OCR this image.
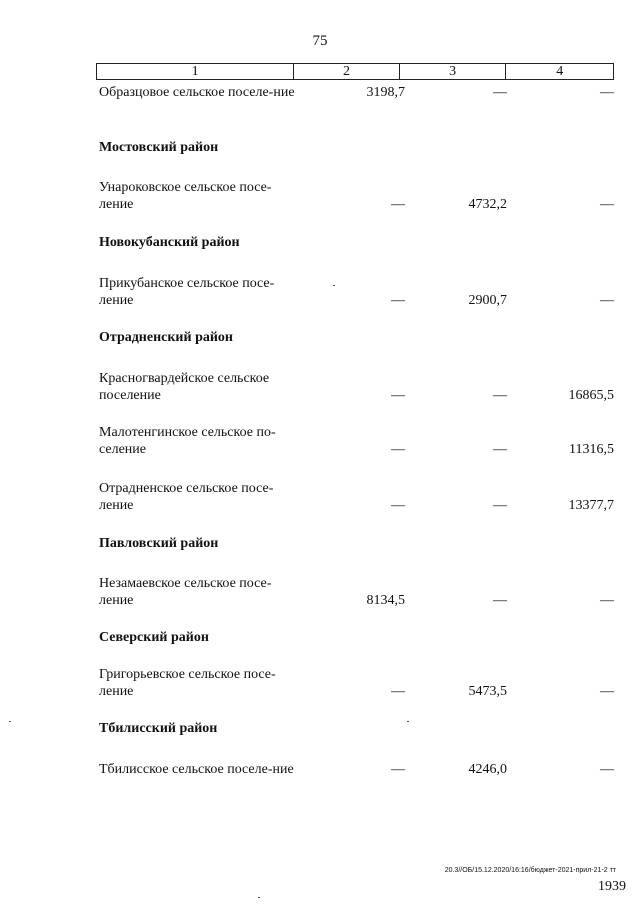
75
1	2	3	4
Образцовое сельское поселе-ние	3198,7	—	—
Мостовский район
Унароковское сельское посе-ление	—	4732,2	—
Новокубанский район
Прикубанское сельское посе-ление	—	2900,7	—
Отрадненский район
Красногвардейское сельское поселение	—	—	16865,5
Малотенгинское сельское по-селение	—	—	11316,5
Отрадненское сельское посе-ление	—	—	13377,7
Павловский район
Незамаевское сельское посе-ление	8134,5	—	—
Северский район
Григорьевское сельское посе-ление	—	5473,5	—
Тбилисский район
Тбилисское сельское поселе-ние	—	4246,0	—
20.3//ОБ/15.12.2020/16:16/бюджет-2021-прил-21-2 тт
1939
